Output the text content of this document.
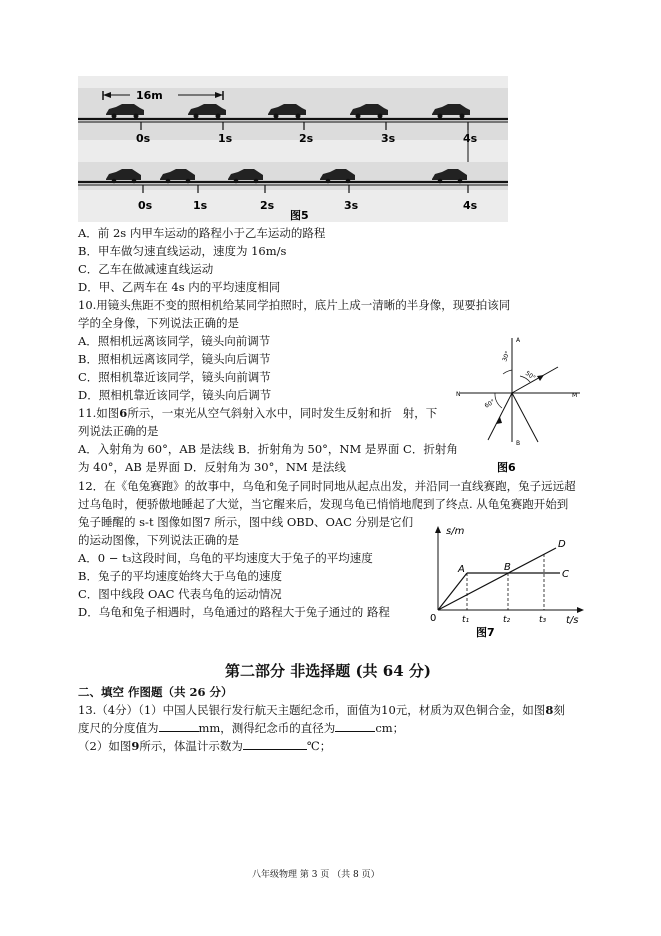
16m
0s	1s	2s	3s	4s
0s	1s	2s	3s	4s
图5
A．前 2s 内甲车运动的路程小于乙车运动的路程
B．甲车做匀速直线运动，速度为 16m/s
C．乙车在做减速直线运动
D．甲、乙两车在 4s 内的平均速度相同
10.用镜头焦距不变的照相机给某同学拍照时，底片上成一清晰的半身像，现要拍该同
学的全身像，下列说法正确的是
A．照相机远离该同学，镜头向前调节
B．照相机远离该同学，镜头向后调节
C．照相机靠近该同学，镜头向前调节
D．照相机靠近该同学，镜头向后调节
11.如图6所示，一束光从空气斜射入水中，同时发生反射和折 射，下
列说法正确的是
A．入射角为 60°，AB 是法线 B．折射角为 50°，NM 是界面 C．折射角
为 40°，AB 是界面 D．反射角为 30°，NM 是法线
A
B
N	M
30°
50°
60°
图6
12．在《龟兔赛跑》的故事中，乌龟和兔子同时同地从起点出发，并沿同一直线赛跑，兔子远远超
过乌龟时，便骄傲地睡起了大觉，当它醒来后，发现乌龟已悄悄地爬到了终点. 从龟兔赛跑开始到
兔子睡醒的 s-t 图像如图7 所示，图中线 OBD、OAC 分别是它们
的运动图像，下列说法正确的是
A．0 − t₃这段时间，乌龟的平均速度大于兔子的平均速度
B．兔子的平均速度始终大于乌龟的速度
C．图中线段 OAC 代表乌龟的运动情况
D．乌龟和兔子相遇时，乌龟通过的路程大于兔子通过的 路程
s/m
t/s
0
A	B
C
D
t₁	t₂	t₃
图7
第二部分 非选择题 (共 64 分)
二、填空 作图题（共 26 分）
13.（4分）（1）中国人民银行发行航天主题纪念币，面值为10元，材质为双色铜合金，如图8刻
度尺的分度值为	mm，测得纪念币的直径为	cm；
（2）如图9所示，体温计示数为	℃；
八年级物理 第 3 页 （共 8 页）
